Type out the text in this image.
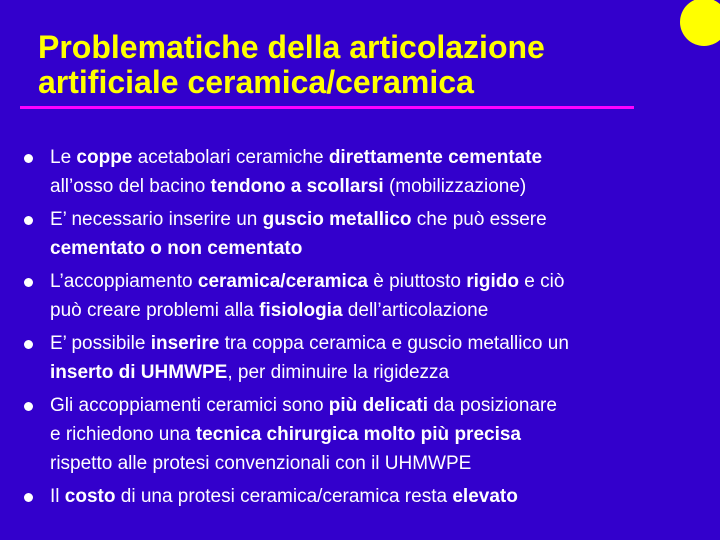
Problematiche della articolazione
artificiale ceramica/ceramica
Le coppe acetabolari ceramiche direttamente cementate
all’osso del bacino tendono a scollarsi (mobilizzazione)
E’ necessario inserire un guscio metallico che può essere
cementato o non cementato
L’accoppiamento ceramica/ceramica è piuttosto rigido e ciò
può creare problemi alla fisiologia dell’articolazione
E’ possibile inserire tra coppa ceramica e guscio metallico un
inserto di UHMWPE, per diminuire la rigidezza
Gli accoppiamenti ceramici sono più delicati da posizionare
e richiedono una tecnica chirurgica molto più precisa
rispetto alle protesi convenzionali con il UHMWPE
Il costo di una protesi ceramica/ceramica resta elevato
